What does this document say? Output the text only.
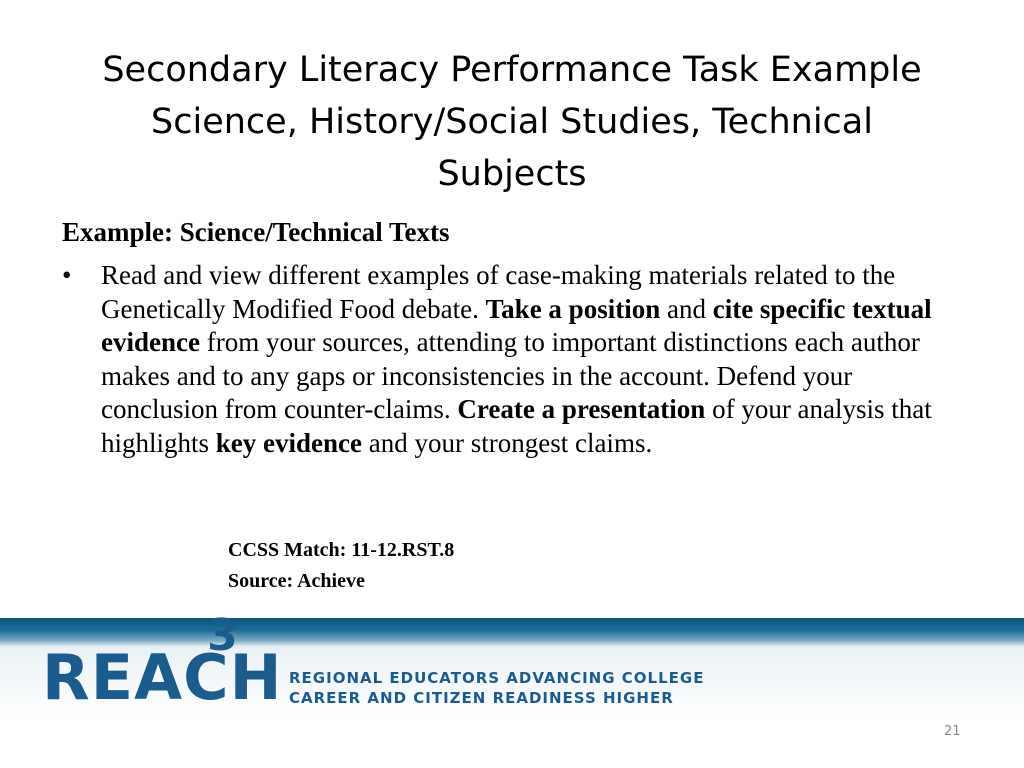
Secondary Literacy Performance Task Example
Science, History/Social Studies, Technical
Subjects
Example: Science/Technical Texts
• Read and view different examples of case-making materials related to the Genetically Modified Food debate. Take a position and cite specific textual evidence from your sources, attending to important distinctions each author makes and to any gaps or inconsistencies in the account. Defend your conclusion from counter-claims. Create a presentation of your analysis that highlights key evidence and your strongest claims.
CCSS Match: 11-12.RST.8
Source: Achieve
REAC
3
H REGIONAL EDUCATORS ADVANCING COLLEGE
CAREER AND CITIZEN READINESS HIGHER
21
